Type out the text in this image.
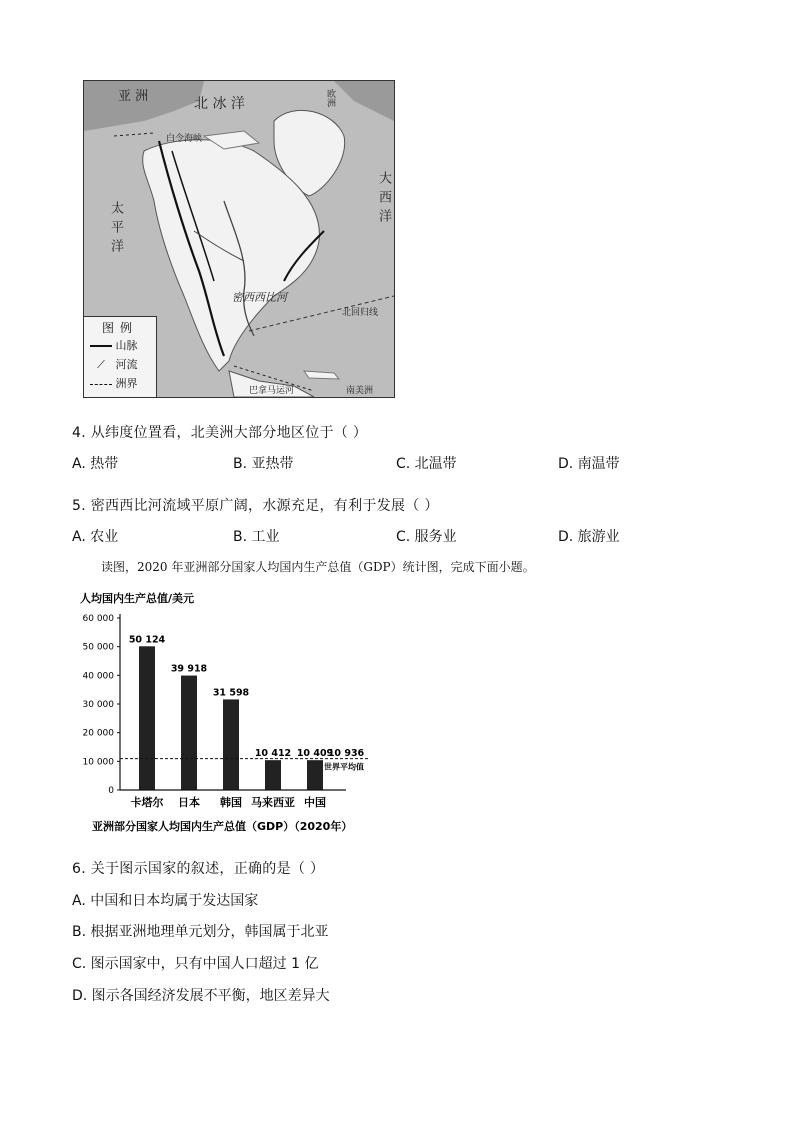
亚 洲	北 冰 洋
白令海峡
大西洋
太平洋
密西西比河
北回归线
巴拿马运河
欧洲
南美洲
图例
山脉
⟋ 河流
洲界
4. 从纬度位置看，北美洲大部分地区位于（ ）
A. 热带	B. 亚热带	C. 北温带	D. 南温带
5. 密西西比河流域平原广阔，水源充足，有利于发展（ ）
A. 农业	B. 工业	C. 服务业	D. 旅游业
读图，2020 年亚洲部分国家人均国内生产总值（GDP）统计图，完成下面小题。
人均国内生产总值/美元
亚洲部分国家人均国内生产总值（GDP）（2020年）
0
10 000
20 000
30 000
40 000
50 000
60 000
50 124
39 918
31 598
10 412 10 409
卡塔尔 日本 韩国 马来西亚 中国
10 936
世界平均值
6. 关于图示国家的叙述，正确的是（ ）
A. 中国和日本均属于发达国家
B. 根据亚洲地理单元划分，韩国属于北亚
C. 图示国家中，只有中国人口超过 1 亿
D. 图示各国经济发展不平衡，地区差异大
